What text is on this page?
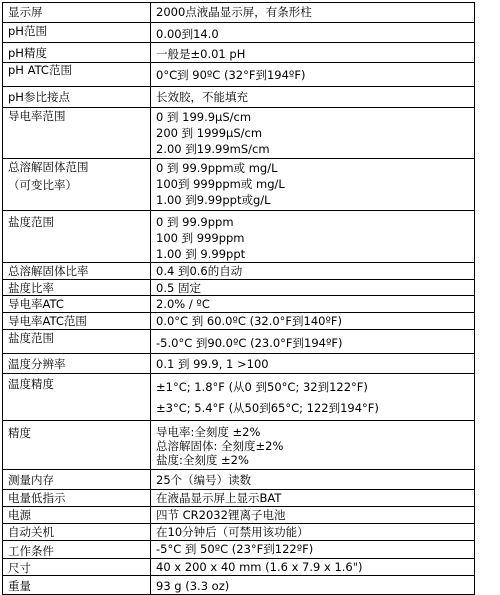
显示屏	2000点液晶显示屏，有条形柱

pH范围	0.00到14.0

pH精度	一般是±0.01 pH

pH ATC范围	0°C到 90ºC (32°F到194ºF)

pH参比接点	长效胶，不能填充

导电率范围	0 到 199.9µS/cm
200 到 1999µS/cm
2.00 到19.99mS/cm

总溶解固体范围
（可变比率）	0 到 99.9ppm或 mg/L
100到 999ppm或 mg/L
1.00 到9.99ppt或g/L

盐度范围	0 到 99.9ppm
100 到 999ppm
1.00 到 9.99ppt

总溶解固体比率	0.4 到0.6的自动

盐度比率	0.5 固定

导电率ATC	2.0% / ºC

导电率ATC范围	0.0°C 到 60.0ºC (32.0°F到140ºF)

盐度范围	-5.0°C 到90.0ºC (23.0°F到194ºF)

温度分辨率	0.1 到 99.9, 1 >100

温度精度	±1°C; 1.8°F (从0 到50°C; 32到122°F)
±3°C; 5.4°F (从50到65°C; 122到194°F)

精度	导电率:全刻度 ±2%
总溶解固体: 全刻度±2%
盐度:全刻度 ±2%

测量内存	25个（编号）读数

电量低指示	在液晶显示屏上显示BAT

电源	四节 CR2032锂离子电池

自动关机	在10分钟后（可禁用该功能）

工作条件	-5°C 到 50ºC (23°F到122ºF)

尺寸	40 x 200 x 40 mm (1.6 x 7.9 x 1.6")

重量	93 g (3.3 oz)
